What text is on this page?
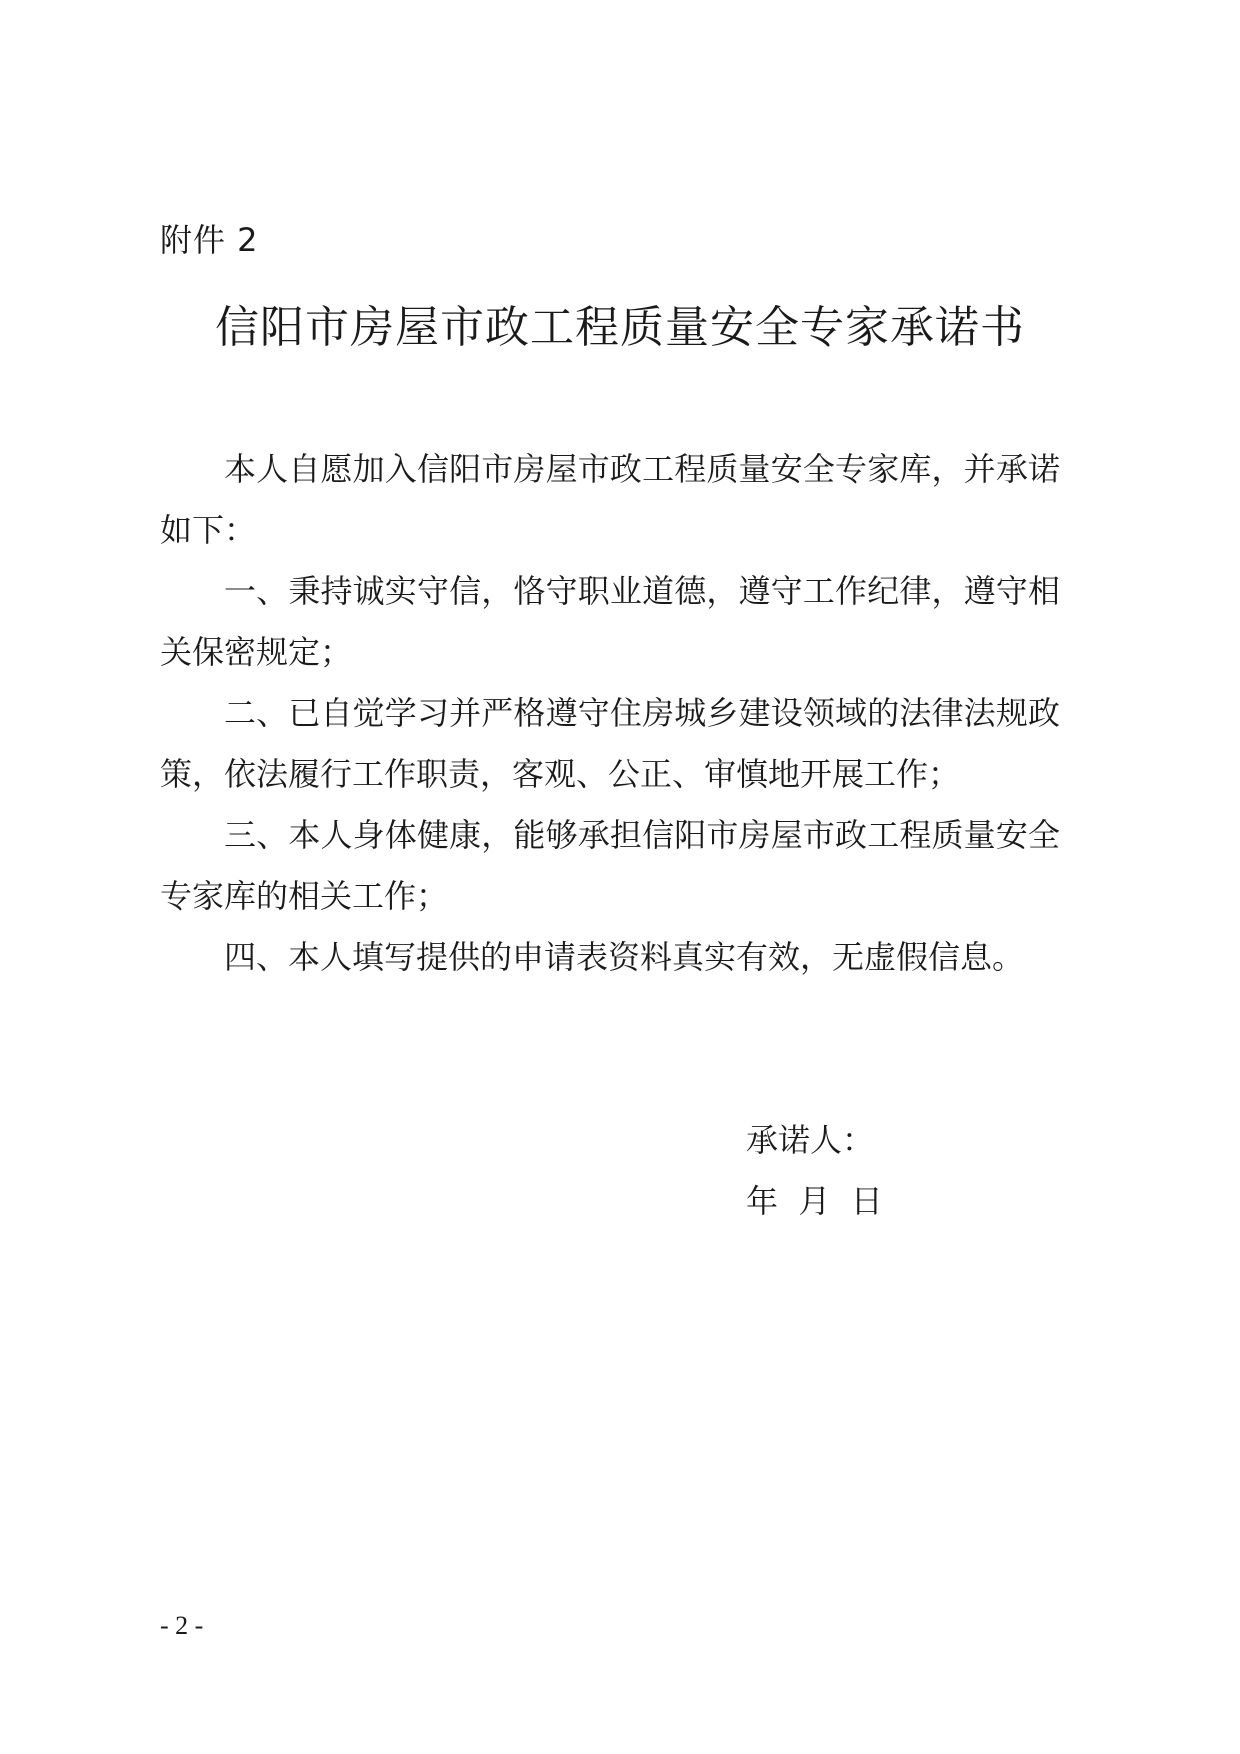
附件 2
信阳市房屋市政工程质量安全专家承诺书

本人自愿加入信阳市房屋市政工程质量安全专家库，并承诺如下：

一、秉持诚实守信，恪守职业道德，遵守工作纪律，遵守相关保密规定；

二、已自觉学习并严格遵守住房城乡建设领域的法律法规政策，依法履行工作职责，客观、公正、审慎地开展工作；

三、本人身体健康，能够承担信阳市房屋市政工程质量安全专家库的相关工作；

四、本人填写提供的申请表资料真实有效，无虚假信息。

承诺人：
年  月  日
- 2 -
